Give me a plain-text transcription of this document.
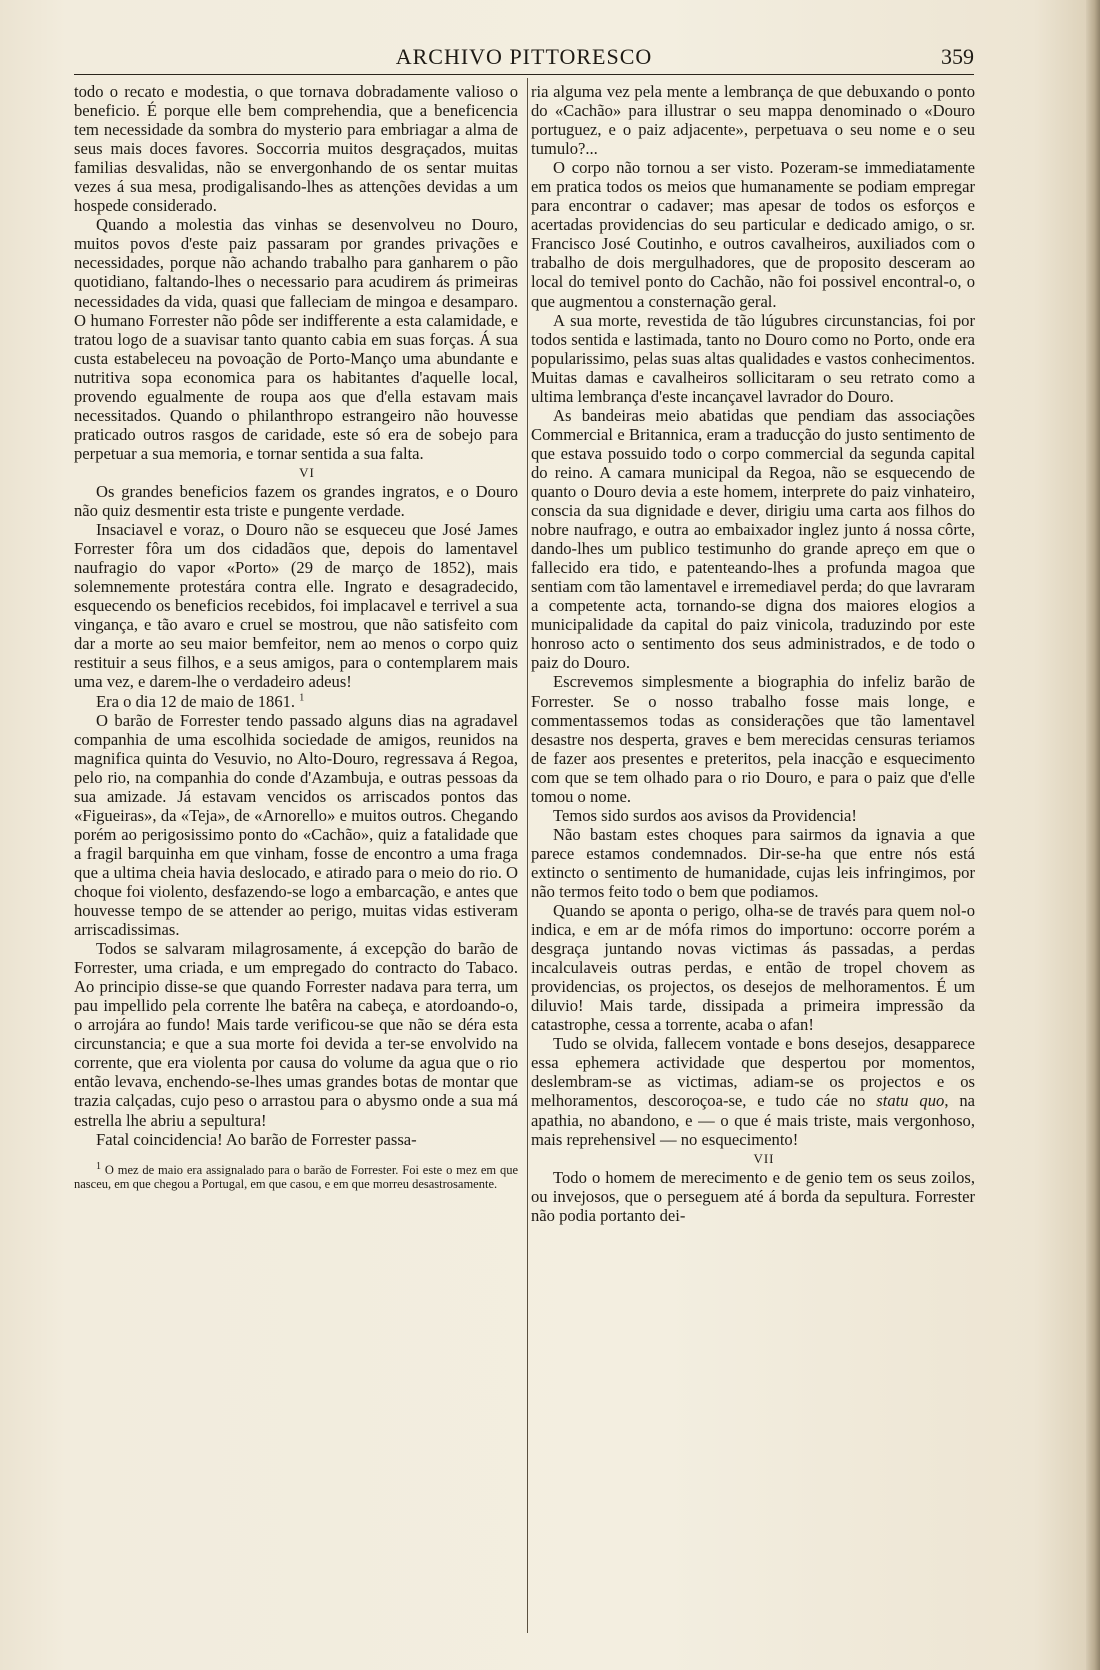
ARCHIVO PITTORESCO	359

todo o recato e modestia, o que tornava dobradamente valioso o beneficio. É porque elle bem comprehendia, que a beneficencia tem necessidade da sombra do mysterio para embriagar a alma de seus mais doces favores. Soccorria muitos desgraçados, muitas familias desvalidas, não se envergonhando de os sentar muitas vezes á sua mesa, prodigalisando-lhes as attenções devidas a um hospede considerado.

Quando a molestia das vinhas se desenvolveu no Douro, muitos povos d'este paiz passaram por grandes privações e necessidades, porque não achando trabalho para ganharem o pão quotidiano, faltando-lhes o necessario para acudirem ás primeiras necessidades da vida, quasi que falleciam de mingoa e desamparo. O humano Forrester não pôde ser indifferente a esta calamidade, e tratou logo de a suavisar tanto quanto cabia em suas forças. Á sua custa estabeleceu na povoação de Porto-Manço uma abundante e nutritiva sopa economica para os habitantes d'aquelle local, provendo egualmente de roupa aos que d'ella estavam mais necessitados. Quando o philanthropo estrangeiro não houvesse praticado outros rasgos de caridade, este só era de sobejo para perpetuar a sua memoria, e tornar sentida a sua falta.

VI

Os grandes beneficios fazem os grandes ingratos, e o Douro não quiz desmentir esta triste e pungente verdade.

Insaciavel e voraz, o Douro não se esqueceu que José James Forrester fôra um dos cidadãos que, depois do lamentavel naufragio do vapor «Porto» (29 de março de 1852), mais solemnemente protestára contra elle. Ingrato e desagradecido, esquecendo os beneficios recebidos, foi implacavel e terrivel a sua vingança, e tão avaro e cruel se mostrou, que não satisfeito com dar a morte ao seu maior bemfeitor, nem ao menos o corpo quiz restituir a seus filhos, e a seus amigos, para o contemplarem mais uma vez, e darem-lhe o verdadeiro adeus!

Era o dia 12 de maio de 1861. $^1$

O barão de Forrester tendo passado alguns dias na agradavel companhia de uma escolhida sociedade de amigos, reunidos na magnifica quinta do Vesuvio, no Alto-Douro, regressava á Regoa, pelo rio, na companhia do conde d'Azambuja, e outras pessoas da sua amizade. Já estavam vencidos os arriscados pontos das «Figueiras», da «Teja», de «Arnorello» e muitos outros. Chegando porém ao perigosissimo ponto do «Cachão», quiz a fatalidade que a fragil barquinha em que vinham, fosse de encontro a uma fraga que a ultima cheia havia deslocado, e atirado para o meio do rio. O choque foi violento, desfazendo-se logo a embarcação, e antes que houvesse tempo de se attender ao perigo, muitas vidas estiveram arriscadissimas.

Todos se salvaram milagrosamente, á excepção do barão de Forrester, uma criada, e um empregado do contracto do Tabaco. Ao principio disse-se que quando Forrester nadava para terra, um pau impellido pela corrente lhe batêra na cabeça, e atordoando-o, o arrojára ao fundo! Mais tarde verificou-se que não se déra esta circunstancia; e que a sua morte foi devida a ter-se envolvido na corrente, que era violenta por causa do volume da agua que o rio então levava, enchendo-se-lhes umas grandes botas de montar que trazia calçadas, cujo peso o arrastou para o abysmo onde a sua má estrella lhe abriu a sepultura!

Fatal coincidencia! Ao barão de Forrester passa-

$^1$ O mez de maio era assignalado para o barão de Forrester. Foi este o mez em que nasceu, em que chegou a Portugal, em que casou, e em que morreu desastrosamente.

ria alguma vez pela mente a lembrança de que debuxando o ponto do «Cachão» para illustrar o seu mappa denominado o «Douro portuguez, e o paiz adjacente», perpetuava o seu nome e o seu tumulo?...

O corpo não tornou a ser visto. Pozeram-se immediatamente em pratica todos os meios que humanamente se podiam empregar para encontrar o cadaver; mas apesar de todos os esforços e acertadas providencias do seu particular e dedicado amigo, o sr. Francisco José Coutinho, e outros cavalheiros, auxiliados com o trabalho de dois mergulhadores, que de proposito desceram ao local do temivel ponto do Cachão, não foi possivel encontral-o, o que augmentou a consternação geral.

A sua morte, revestida de tão lúgubres circunstancias, foi por todos sentida e lastimada, tanto no Douro como no Porto, onde era popularissimo, pelas suas altas qualidades e vastos conhecimentos. Muitas damas e cavalheiros sollicitaram o seu retrato como a ultima lembrança d'este incançavel lavrador do Douro.

As bandeiras meio abatidas que pendiam das associações Commercial e Britannica, eram a traducção do justo sentimento de que estava possuido todo o corpo commercial da segunda capital do reino. A camara municipal da Regoa, não se esquecendo de quanto o Douro devia a este homem, interprete do paiz vinhateiro, conscia da sua dignidade e dever, dirigiu uma carta aos filhos do nobre naufrago, e outra ao embaixador inglez junto á nossa côrte, dando-lhes um publico testimunho do grande apreço em que o fallecido era tido, e patenteando-lhes a profunda magoa que sentiam com tão lamentavel e irremediavel perda; do que lavraram a competente acta, tornando-se digna dos maiores elogios a municipalidade da capital do paiz vinicola, traduzindo por este honroso acto o sentimento dos seus administrados, e de todo o paiz do Douro.

Escrevemos simplesmente a biographia do infeliz barão de Forrester. Se o nosso trabalho fosse mais longe, e commentassemos todas as considerações que tão lamentavel desastre nos desperta, graves e bem merecidas censuras teriamos de fazer aos presentes e preteritos, pela inacção e esquecimento com que se tem olhado para o rio Douro, e para o paiz que d'elle tomou o nome.

Temos sido surdos aos avisos da Providencia!

Não bastam estes choques para sairmos da ignavia a que parece estamos condemnados. Dir-se-ha que entre nós está extincto o sentimento de humanidade, cujas leis infringimos, por não termos feito todo o bem que podiamos.

Quando se aponta o perigo, olha-se de través para quem nol-o indica, e em ar de mófa rimos do importuno: occorre porém a desgraça juntando novas victimas ás passadas, a perdas incalculaveis outras perdas, e então de tropel chovem as providencias, os projectos, os desejos de melhoramentos. É um diluvio! Mais tarde, dissipada a primeira impressão da catastrophe, cessa a torrente, acaba o afan!

Tudo se olvida, fallecem vontade e bons desejos, desapparece essa ephemera actividade que despertou por momentos, deslembram-se as victimas, adiam-se os projectos e os melhoramentos, descoroçoa-se, e tudo cáe no statu quo, na apathia, no abandono, e — o que é mais triste, mais vergonhoso, mais reprehensivel — no esquecimento!

VII

Todo o homem de merecimento e de genio tem os seus zoilos, ou invejosos, que o perseguem até á borda da sepultura. Forrester não podia portanto dei-
